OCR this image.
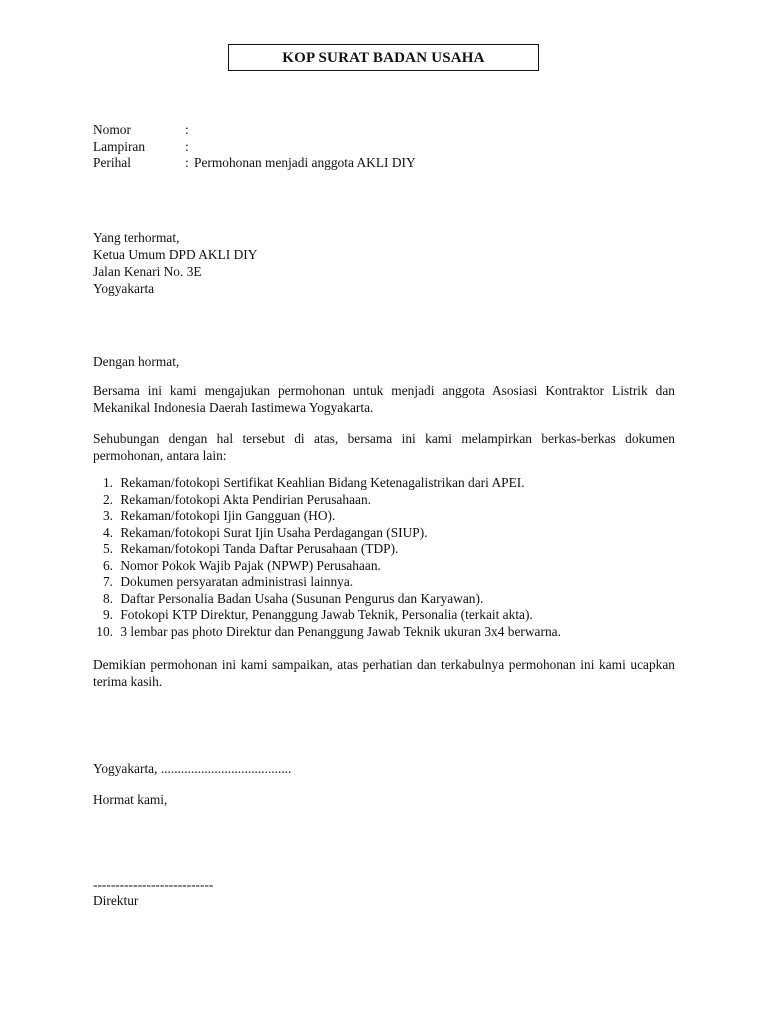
KOP SURAT BADAN USAHA
Nomor	:
Lampiran	:
Perihal	: Permohonan menjadi anggota AKLI DIY
Yang terhormat,
Ketua Umum DPD AKLI DIY
Jalan Kenari No. 3E
Yogyakarta
Dengan hormat,
Bersama ini kami mengajukan permohonan untuk menjadi anggota Asosiasi Kontraktor Listrik dan Mekanikal Indonesia Daerah Iastimewa Yogyakarta.
Sehubungan dengan hal tersebut di atas, bersama ini kami melampirkan berkas-berkas dokumen permohonan, antara lain:
1. Rekaman/fotokopi Sertifikat Keahlian Bidang Ketenagalistrikan dari APEI.
2. Rekaman/fotokopi Akta Pendirian Perusahaan.
3. Rekaman/fotokopi Ijin Gangguan (HO).
4. Rekaman/fotokopi Surat Ijin Usaha Perdagangan (SIUP).
5. Rekaman/fotokopi Tanda Daftar Perusahaan (TDP).
6. Nomor Pokok Wajib Pajak (NPWP) Perusahaan.
7. Dokumen persyaratan administrasi lainnya.
8. Daftar Personalia Badan Usaha (Susunan Pengurus dan Karyawan).
9. Fotokopi KTP Direktur, Penanggung Jawab Teknik, Personalia (terkait akta).
10. 3 lembar pas photo Direktur dan Penanggung Jawab Teknik ukuran 3x4 berwarna.
Demikian permohonan ini kami sampaikan, atas perhatian dan terkabulnya permohonan ini kami ucapkan terima kasih.
Yogyakarta, .......................................
Hormat kami,
---------------------------
Direktur
